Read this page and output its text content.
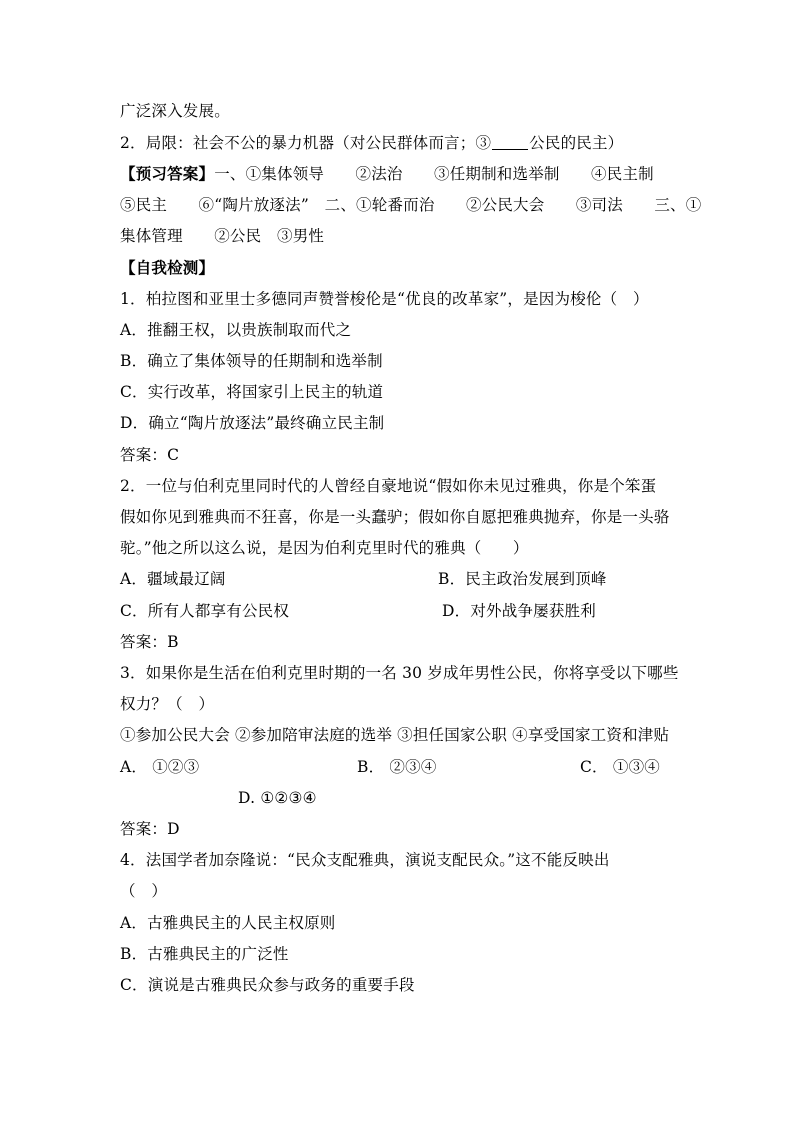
广泛深入发展。
2．局限：社会不公的暴力机器（对公民群体而言；③ 公民的民主）
【预习答案】一、①集体领导　　②法治　　③任期制和选举制　　④民主制
⑤民主　　⑥“陶片放逐法”　二、①轮番而治　　②公民大会　　③司法　　三、①
集体管理　　②公民　③男性
【自我检测】
1．柏拉图和亚里士多德同声赞誉梭伦是“优良的改革家”，是因为梭伦（　）
A．推翻王权，以贵族制取而代之
B．确立了集体领导的任期制和选举制
C．实行改革，将国家引上民主的轨道
D．确立“陶片放逐法”最终确立民主制
答案：C
2．一位与伯利克里同时代的人曾经自豪地说“假如你未见过雅典，你是个笨蛋
假如你见到雅典而不狂喜，你是一头蠢驴；假如你自愿把雅典抛弃，你是一头骆
驼。”他之所以这么说，是因为伯利克里时代的雅典（　　）
A．疆域最辽阔	B．民主政治发展到顶峰
C．所有人都享有公民权	D．对外战争屡获胜利
答案：B
3．如果你是生活在伯利克里时期的一名 30 岁成年男性公民，你将享受以下哪些
权力？（　）
①参加公民大会 ②参加陪审法庭的选举 ③担任国家公职 ④享受国家工资和津贴
A． ①②③	B． ②③④	C． ①③④
D. ①②③④
答案：D
4．法国学者加奈隆说：“民众支配雅典，演说支配民众。”这不能反映出
（　）
A．古雅典民主的人民主权原则
B．古雅典民主的广泛性
C．演说是古雅典民众参与政务的重要手段
